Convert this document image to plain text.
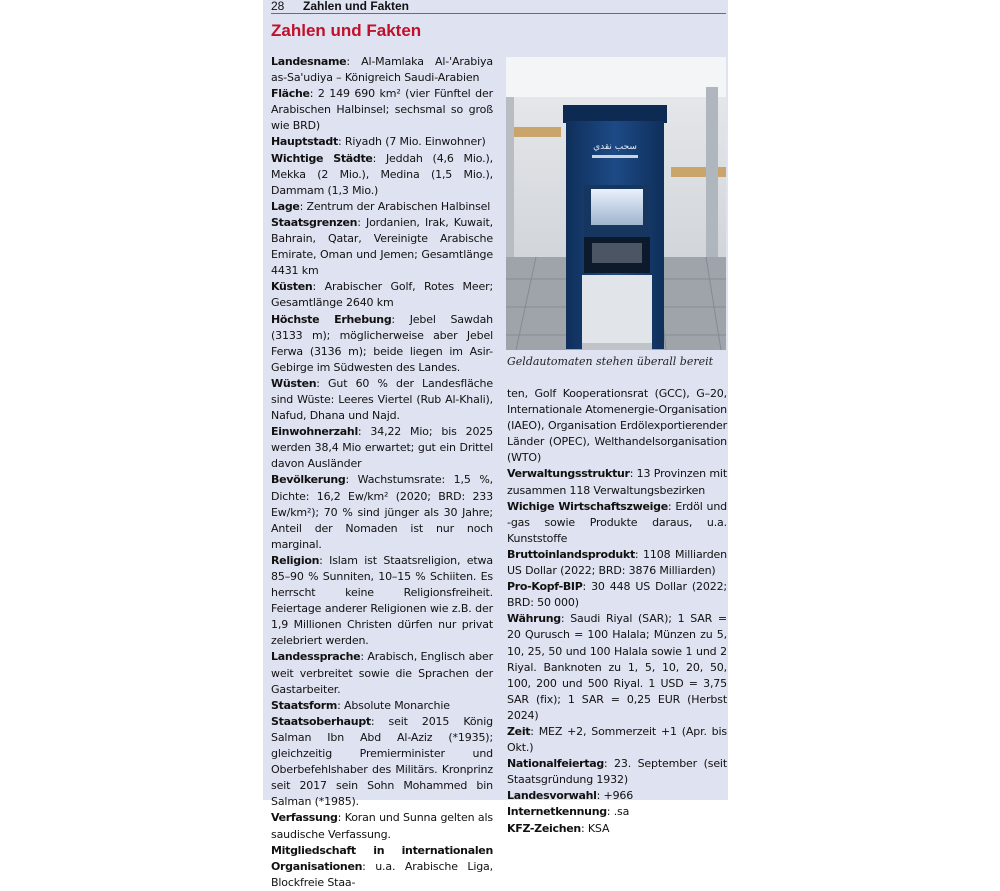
28 Zahlen und Fakten
Zahlen und Fakten

Landesname: Al-Mamlaka Al-'Arabiya as-Sa'udiya – Königreich Saudi-Arabien

Fläche: 2 149 690 km² (vier Fünftel der Arabischen Halbinsel; sechsmal so groß wie BRD)

Hauptstadt: Riyadh (7 Mio. Einwohner)

Wichtige Städte: Jeddah (4,6 Mio.), Mekka (2 Mio.), Medina (1,5 Mio.), Dammam (1,3 Mio.)

Lage: Zentrum der Arabischen Halbinsel

Staatsgrenzen: Jordanien, Irak, Kuwait, Bahrain, Qatar, Vereinigte Arabische Emirate, Oman und Jemen; Gesamtlänge 4431 km

Küsten: Arabischer Golf, Rotes Meer; Gesamtlänge 2640 km

Höchste Erhebung: Jebel Sawdah (3133 m); möglicherweise aber Jebel Ferwa (3136 m); beide liegen im Asir-Gebirge im Südwesten des Landes.

Wüsten: Gut 60 % der Landesfläche sind Wüste: Leeres Viertel (Rub Al-Khali), Nafud, Dhana und Najd.

Einwohnerzahl: 34,22 Mio; bis 2025 werden 38,4 Mio erwartet; gut ein Drittel davon Ausländer

Bevölkerung: Wachstumsrate: 1,5 %, Dichte: 16,2 Ew/km² (2020; BRD: 233 Ew/km²); 70 % sind jünger als 30 Jahre; Anteil der Nomaden ist nur noch marginal.

Religion: Islam ist Staatsreligion, etwa 85–90 % Sunniten, 10–15 % Schiiten. Es herrscht keine Religionsfreiheit. Feiertage anderer Religionen wie z.B. der 1,9 Millionen Christen dürfen nur privat zelebriert werden.

Landessprache: Arabisch, Englisch aber weit verbreitet sowie die Sprachen der Gastarbeiter.

Staatsform: Absolute Monarchie

Staatsoberhaupt: seit 2015 König Salman Ibn Abd Al-Aziz (*1935); gleichzeitig Premierminister und Oberbefehlshaber des Militärs. Kronprinz seit 2017 sein Sohn Mohammed bin Salman (*1985).

Verfassung: Koran und Sunna gelten als saudische Verfassung.

Mitgliedschaft in internationalen Organisationen: u.a. Arabische Liga, Blockfreie Staa-

سحب نقدي
Geldautomaten stehen überall bereit

ten, Golf Kooperationsrat (GCC), G–20, Internationale Atomenergie-Organisation (IAEO), Organisation Erdölexportierender Länder (OPEC), Welthandelsorganisation (WTO)

Verwaltungsstruktur: 13 Provinzen mit zusammen 118 Verwaltungsbezirken

Wichige Wirtschaftszweige: Erdöl und -gas sowie Produkte daraus, u.a. Kunststoffe

Bruttoinlandsprodukt: 1108 Milliarden US Dollar (2022; BRD: 3876 Milliarden)

Pro-Kopf-BIP: 30 448 US Dollar (2022; BRD: 50 000)

Währung: Saudi Riyal (SAR); 1 SAR = 20 Qurusch = 100 Halala; Münzen zu 5, 10, 25, 50 und 100 Halala sowie 1 und 2 Riyal. Banknoten zu 1, 5, 10, 20, 50, 100, 200 und 500 Riyal. 1 USD = 3,75 SAR (fix); 1 SAR = 0,25 EUR (Herbst 2024)

Zeit: MEZ +2, Sommerzeit +1 (Apr. bis Okt.)

Nationalfeiertag: 23. September (seit Staatsgründung 1932)

Landesvorwahl: +966

Internetkennung: .sa

KFZ-Zeichen: KSA
